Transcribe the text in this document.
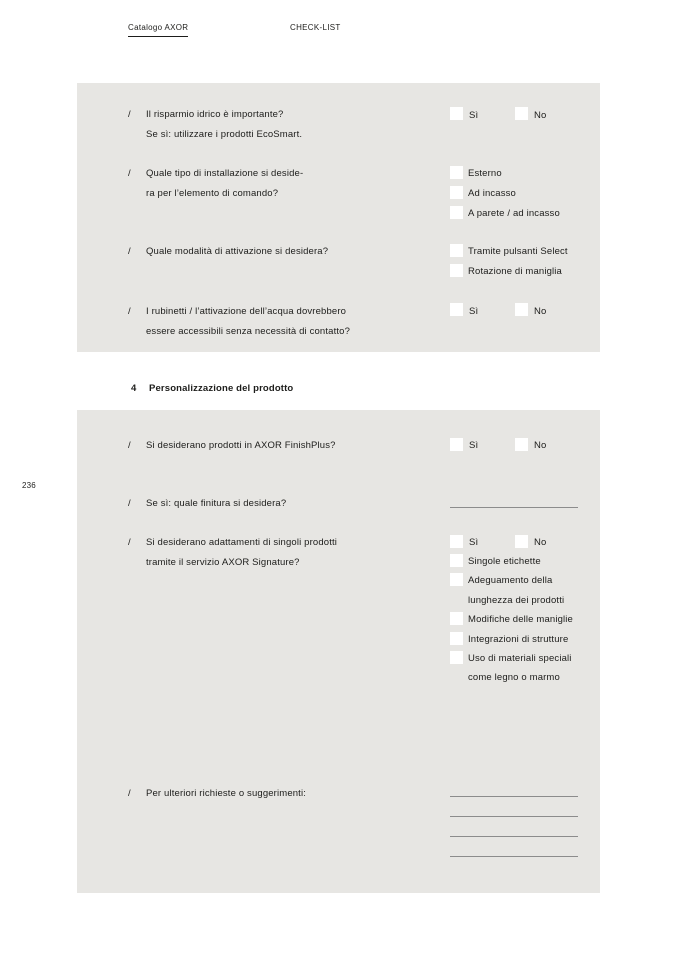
Catalogo AXOR	CHECK-LIST
236
/ Il risparmio idrico è importante?
Se sì: utilizzare i prodotti EcoSmart.
Sì	No
/ Quale tipo di installazione si deside-
ra per l’elemento di comando?
Esterno
Ad incasso
A parete / ad incasso
/ Quale modalità di attivazione si desidera?	Tramite pulsanti Select
Rotazione di maniglia
/ I rubinetti / l’attivazione dell’acqua dovrebbero
essere accessibili senza necessità di contatto?
Sì	No
4 Personalizzazione del prodotto
/ Si desiderano prodotti in AXOR FinishPlus?	Sì	No
/ Se sì: quale finitura si desidera?
/ Si desiderano adattamenti di singoli prodotti
tramite il servizio AXOR Signature?
Sì	No
Singole etichette
Adeguamento della
lunghezza dei prodotti
Modifiche delle maniglie
Integrazioni di strutture
Uso di materiali speciali
come legno o marmo
/ Per ulteriori richieste o suggerimenti:
